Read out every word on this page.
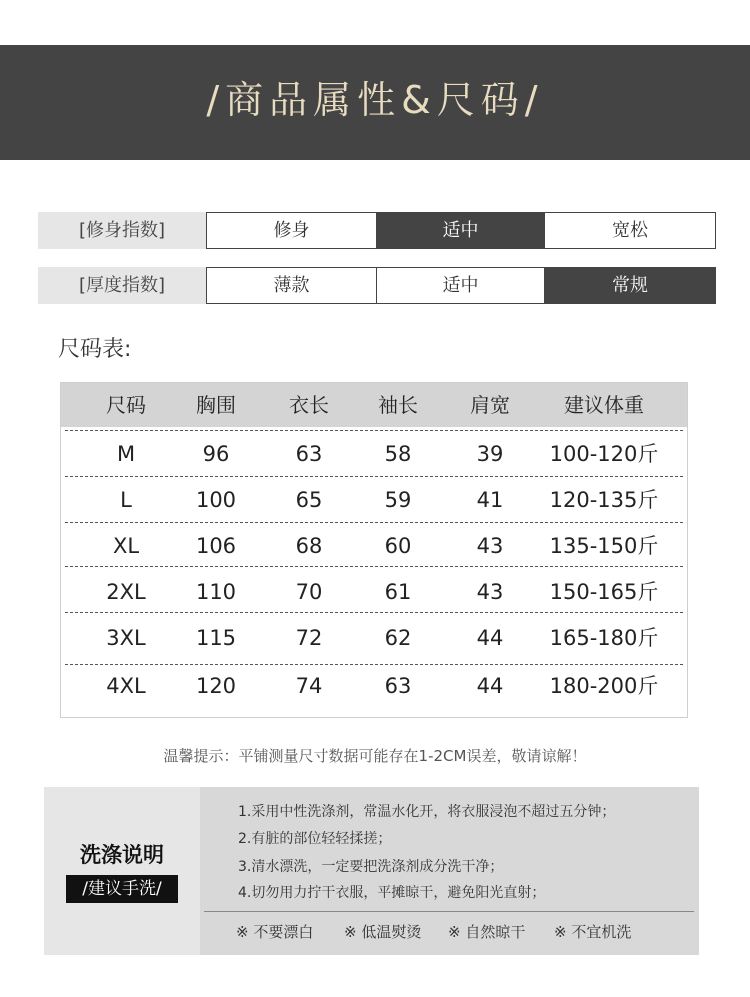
/商品属性&尺码/
[修身指数]	修身	适中	宽松
[厚度指数]	薄款	适中	常规
尺码表:
尺码	胸围	衣长	袖长	肩宽	建议体重
M	96	63	58	39	100-120斤
L	100	65	59	41	120-135斤
XL	106	68	60	43	135-150斤
2XL	110	70	61	43	150-165斤
3XL	115	72	62	44	165-180斤
4XL	120	74	63	44	180-200斤
温馨提示：平铺测量尺寸数据可能存在1-2CM误差，敬请谅解！
洗涤说明
/建议手洗/
1.采用中性洗涤剂，常温水化开，将衣服浸泡不超过五分钟；
2.有脏的部位轻轻揉搓；
3.清水漂洗，一定要把洗涤剂成分洗干净；
4.切勿用力拧干衣服，平摊晾干，避免阳光直射；
※ 不要漂白 ※ 低温熨烫 ※ 自然晾干 ※ 不宜机洗
